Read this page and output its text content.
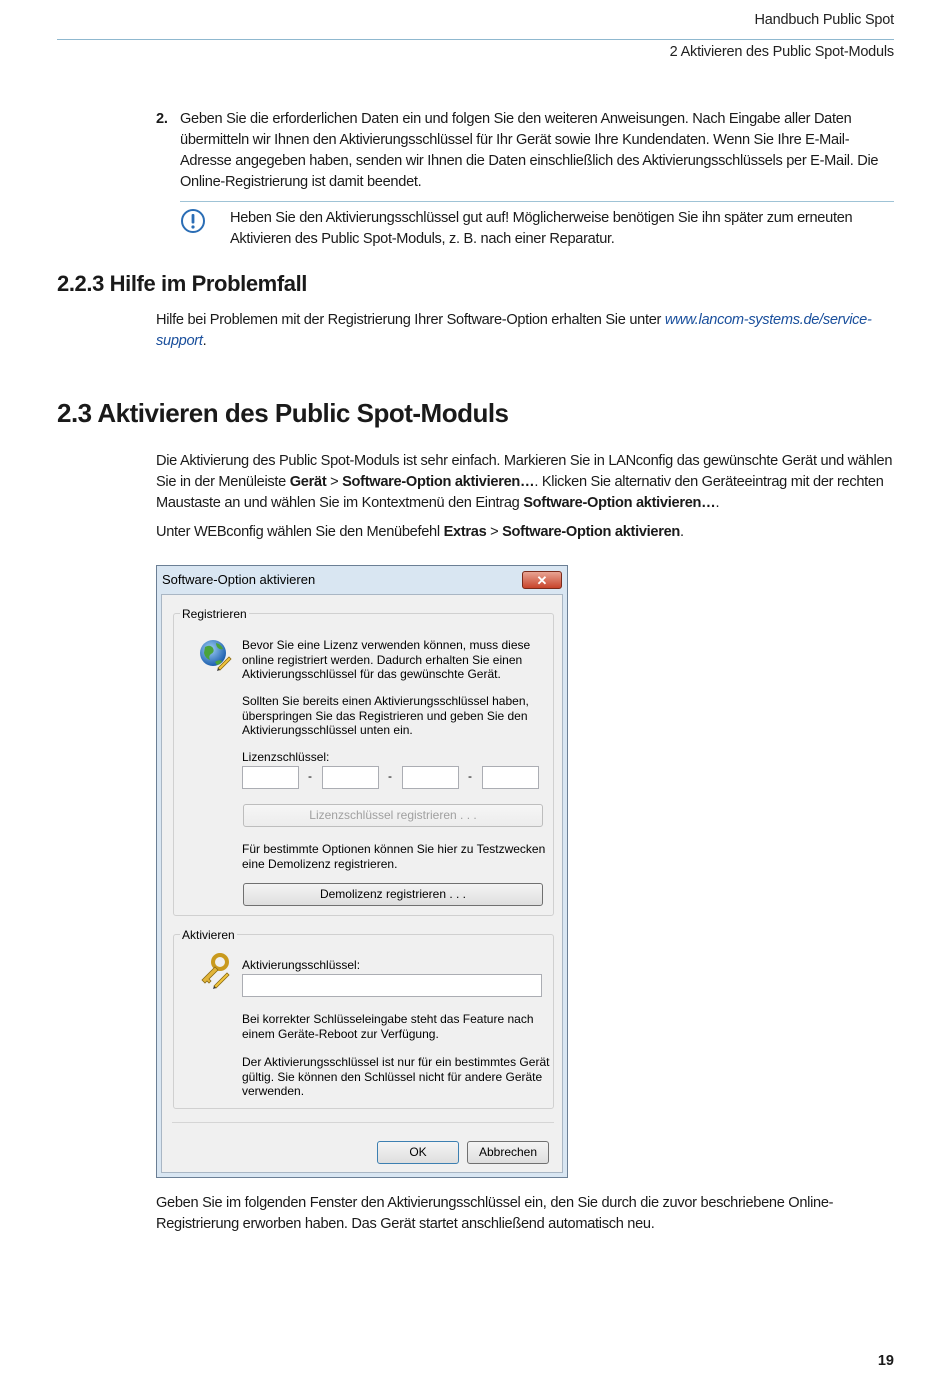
Handbuch Public Spot
2 Aktivieren des Public Spot-Moduls
2. Geben Sie die erforderlichen Daten ein und folgen Sie den weiteren Anweisungen. Nach Eingabe aller Daten übermitteln wir Ihnen den Aktivierungsschlüssel für Ihr Gerät sowie Ihre Kundendaten. Wenn Sie Ihre E-Mail-Adresse angegeben haben, senden wir Ihnen die Daten einschließlich des Aktivierungsschlüssels per E-Mail. Die Online-Registrierung ist damit beendet.
Heben Sie den Aktivierungsschlüssel gut auf! Möglicherweise benötigen Sie ihn später zum erneuten Aktivieren des Public Spot-Moduls, z. B. nach einer Reparatur.
2.2.3 Hilfe im Problemfall
Hilfe bei Problemen mit der Registrierung Ihrer Software-Option erhalten Sie unter www.lancom-systems.de/service-support.
2.3 Aktivieren des Public Spot-Moduls
Die Aktivierung des Public Spot-Moduls ist sehr einfach. Markieren Sie in LANconfig das gewünschte Gerät und wählen Sie in der Menüleiste Gerät > Software-Option aktivieren…. Klicken Sie alternativ den Geräteeintrag mit der rechten Maustaste an und wählen Sie im Kontextmenü den Eintrag Software-Option aktivieren….
Unter WEBconfig wählen Sie den Menübefehl Extras > Software-Option aktivieren.
Software-Option aktivieren	✕
Registrieren
Bevor Sie eine Lizenz verwenden können, muss diese online registriert werden. Dadurch erhalten Sie einen Aktivierungsschlüssel für das gewünschte Gerät.
Sollten Sie bereits einen Aktivierungsschlüssel haben, überspringen Sie das Registrieren und geben Sie den Aktivierungsschlüssel unten ein.
Lizenzschlüssel:
-	-	-
Lizenzschlüssel registrieren . . .
Für bestimmte Optionen können Sie hier zu Testzwecken eine Demolizenz registrieren.
Demolizenz registrieren . . .
Aktivieren
Aktivierungsschlüssel:
Bei korrekter Schlüsseleingabe steht das Feature nach einem Geräte-Reboot zur Verfügung.
Der Aktivierungsschlüssel ist nur für ein bestimmtes Gerät gültig. Sie können den Schlüssel nicht für andere Geräte verwenden.
OK	Abbrechen
Geben Sie im folgenden Fenster den Aktivierungsschlüssel ein, den Sie durch die zuvor beschriebene Online-Registrierung erworben haben. Das Gerät startet anschließend automatisch neu.
19
